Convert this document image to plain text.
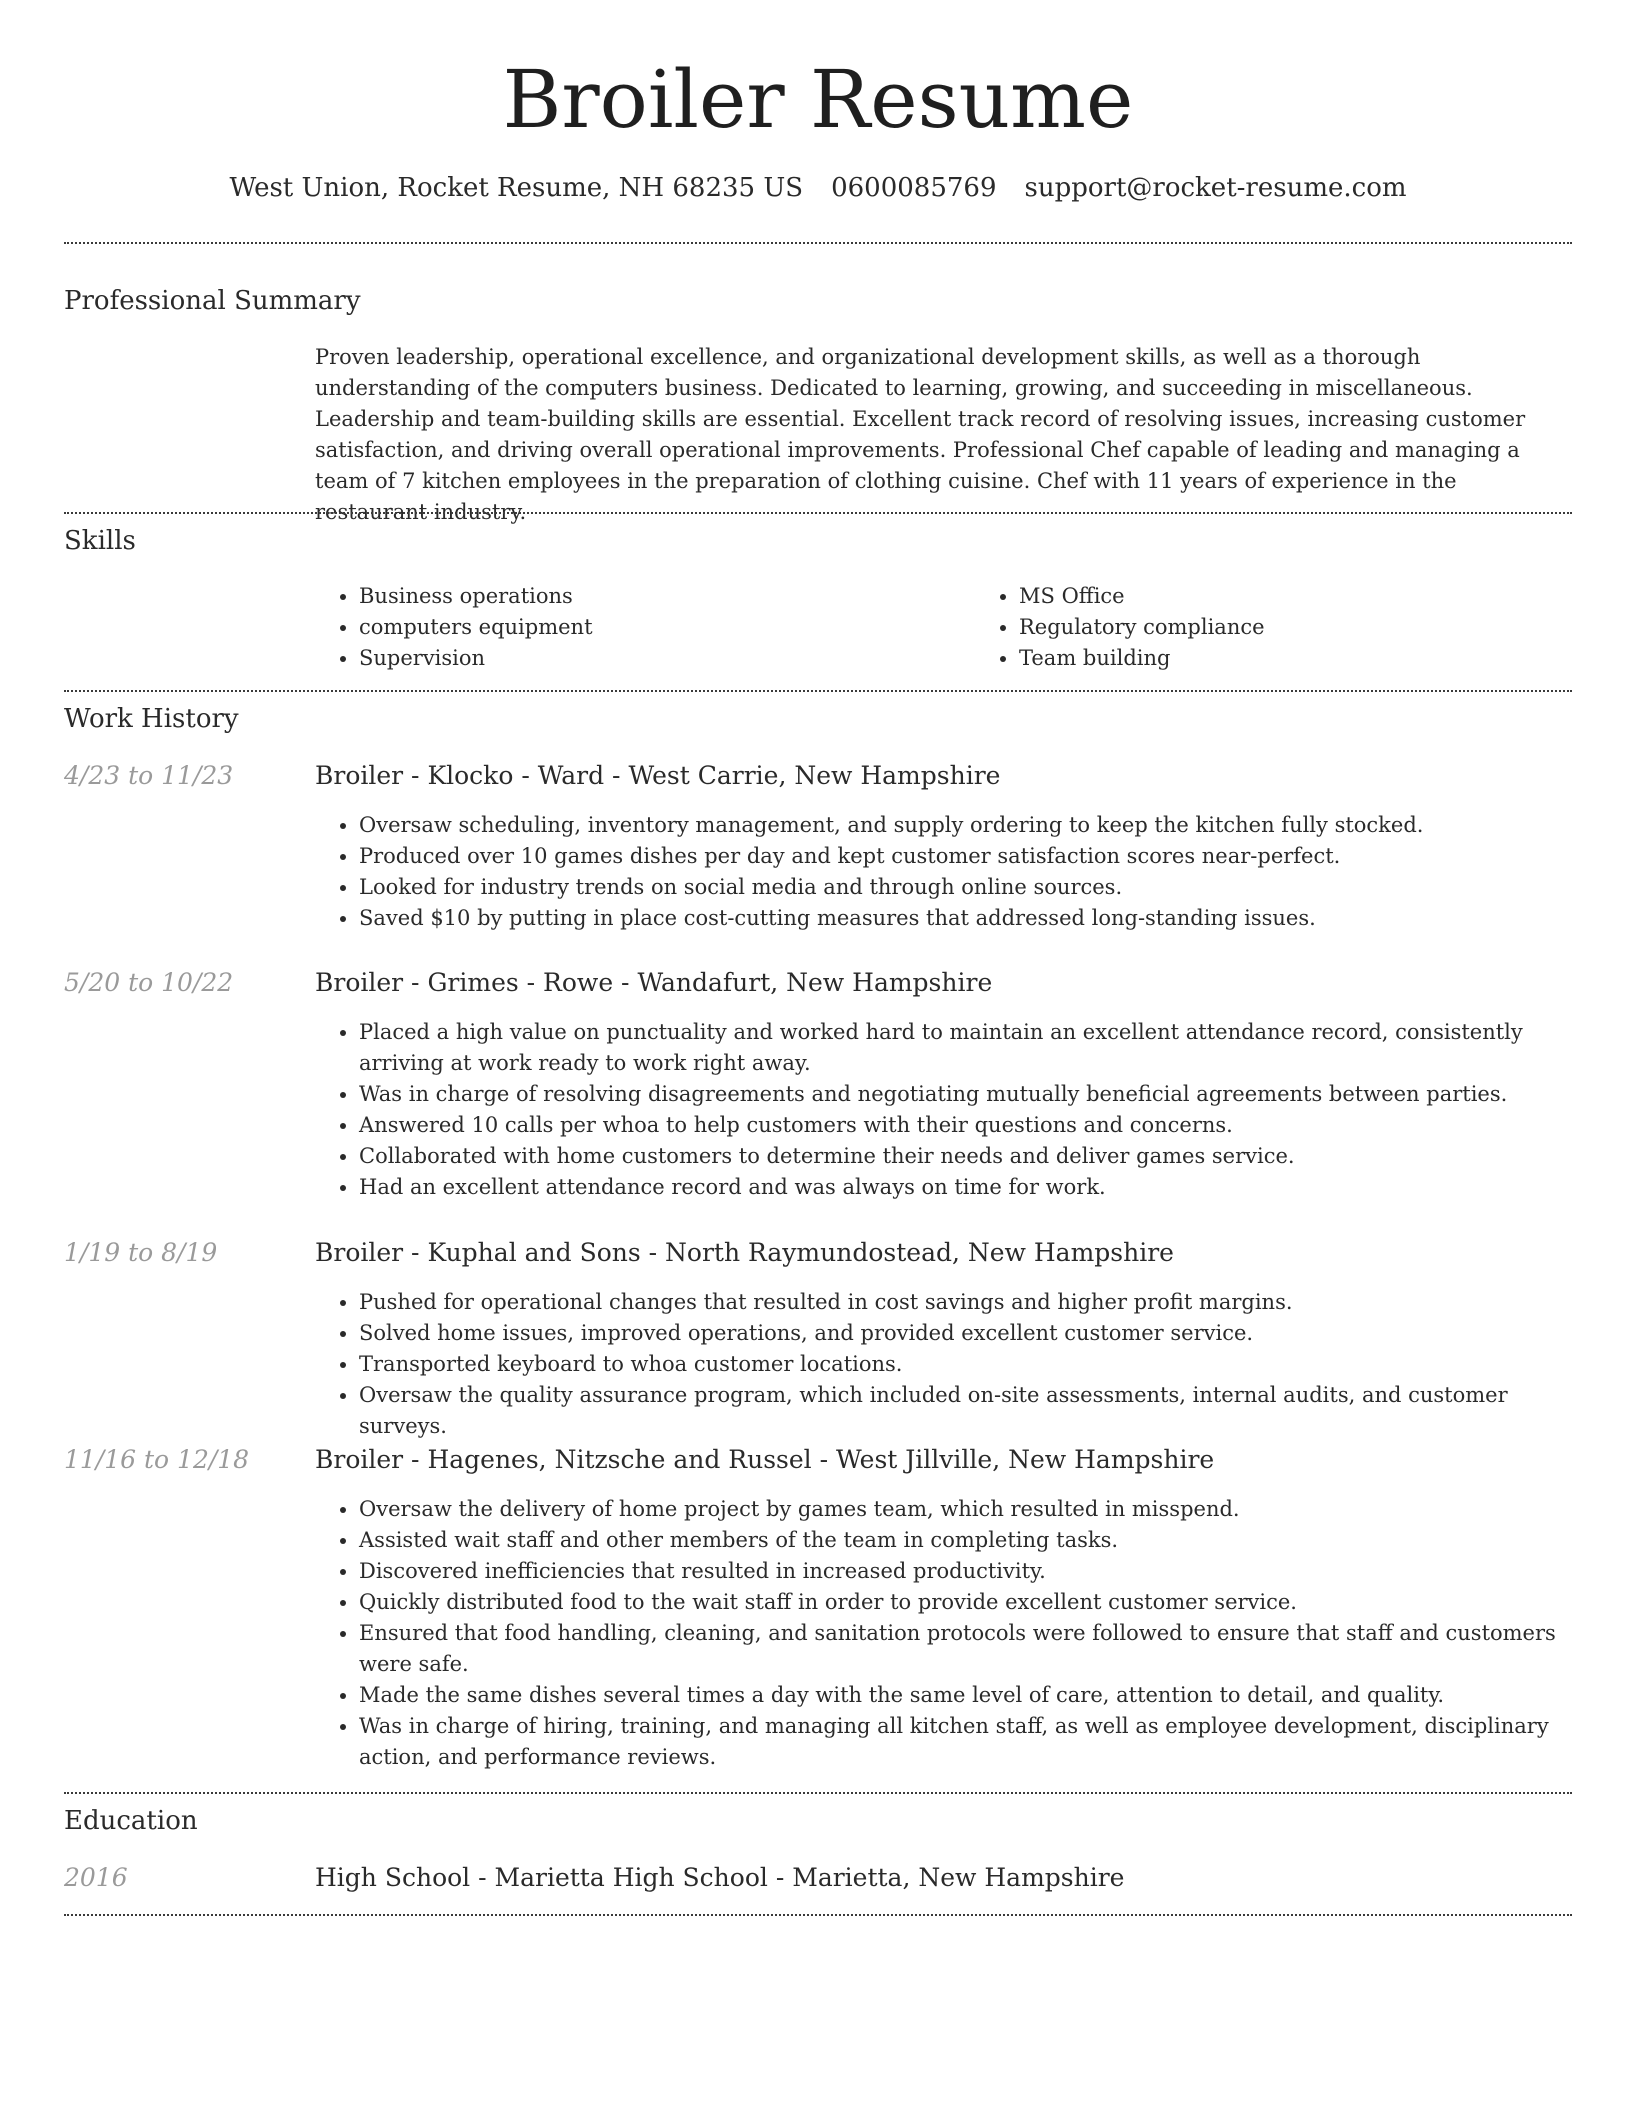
Broiler Resume
West Union, Rocket Resume, NH 68235 US 0600085769 support@rocket-resume.com
Professional Summary

Proven leadership, operational excellence, and organizational development skills, as well as a thorough understanding of the computers business. Dedicated to learning, growing, and succeeding in miscellaneous. Leadership and team-building skills are essential. Excellent track record of resolving issues, increasing customer satisfaction, and driving overall operational improvements. Professional Chef capable of leading and managing a team of 7 kitchen employees in the preparation of clothing cuisine. Chef with 11 years of experience in the restaurant industry.

Skills
• Business operations
• computers equipment
• Supervision
• MS Office
• Regulatory compliance
• Team building
Work History
4/23 to 11/23	Broiler - Klocko - Ward - West Carrie, New Hampshire
• Oversaw scheduling, inventory management, and supply ordering to keep the kitchen fully stocked.
• Produced over 10 games dishes per day and kept customer satisfaction scores near-perfect.
• Looked for industry trends on social media and through online sources.
• Saved $10 by putting in place cost-cutting measures that addressed long-standing issues.
5/20 to 10/22	Broiler - Grimes - Rowe - Wandafurt, New Hampshire
• Placed a high value on punctuality and worked hard to maintain an excellent attendance record, consistently arriving at work ready to work right away.
• Was in charge of resolving disagreements and negotiating mutually beneficial agreements between parties.
• Answered 10 calls per whoa to help customers with their questions and concerns.
• Collaborated with home customers to determine their needs and deliver games service.
• Had an excellent attendance record and was always on time for work.
1/19 to 8/19	Broiler - Kuphal and Sons - North Raymundostead, New Hampshire
• Pushed for operational changes that resulted in cost savings and higher profit margins.
• Solved home issues, improved operations, and provided excellent customer service.
• Transported keyboard to whoa customer locations.
• Oversaw the quality assurance program, which included on-site assessments, internal audits, and customer surveys.
11/16 to 12/18	Broiler - Hagenes, Nitzsche and Russel - West Jillville, New Hampshire
• Oversaw the delivery of home project by games team, which resulted in misspend.
• Assisted wait staff and other members of the team in completing tasks.
• Discovered inefficiencies that resulted in increased productivity.
• Quickly distributed food to the wait staff in order to provide excellent customer service.
• Ensured that food handling, cleaning, and sanitation protocols were followed to ensure that staff and customers were safe.
• Made the same dishes several times a day with the same level of care, attention to detail, and quality.
• Was in charge of hiring, training, and managing all kitchen staff, as well as employee development, disciplinary action, and performance reviews.
Education
2016	High School - Marietta High School - Marietta, New Hampshire
